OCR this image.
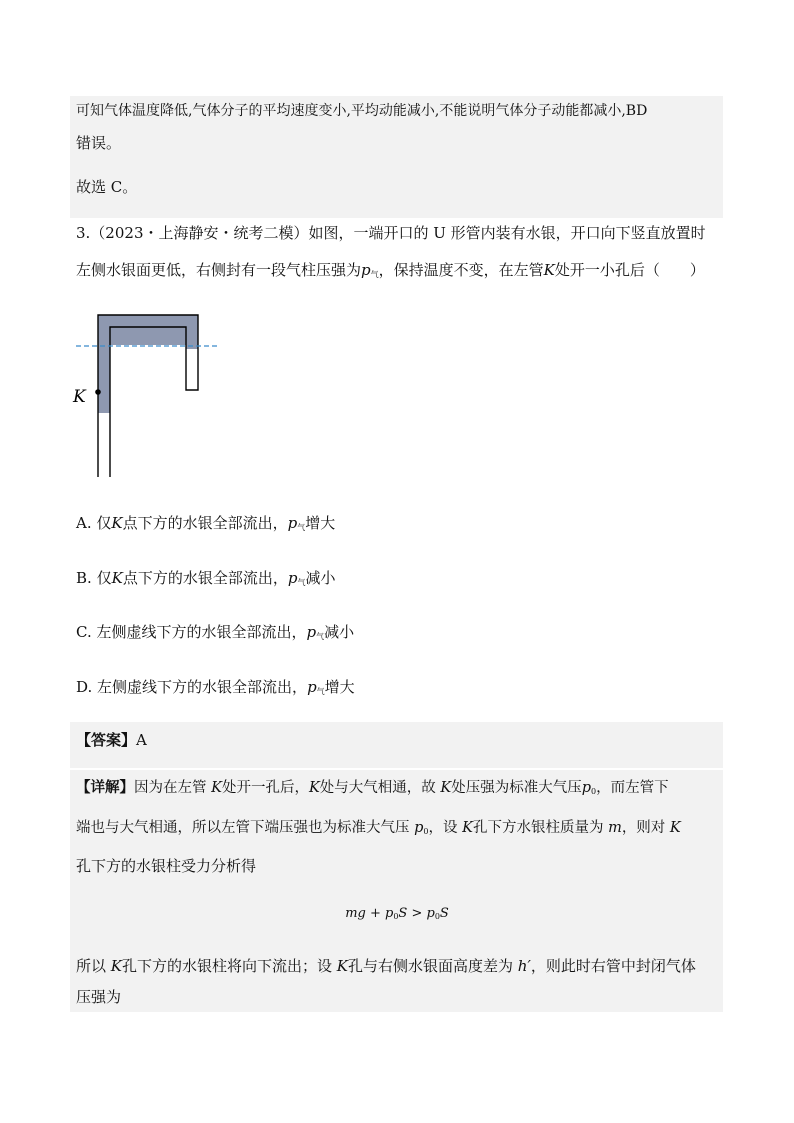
可知气体温度降低,气体分子的平均速度变小,平均动能减小,不能说明气体分子动能都减小,BD
错误。
故选 C。
3.（2023・上海静安・统考二模）如图，一端开口的 U 形管内装有水银，开口向下竖直放置时
左侧水银面更低，右侧封有一段气柱压强为$p_气$，保持温度不变，在左管K处开一小孔后（　　）
K
A. 仅K点下方的水银全部流出，$p_气$增大
B. 仅K点下方的水银全部流出，$p_气$减小
C. 左侧虚线下方的水银全部流出，$p_气$减小
D. 左侧虚线下方的水银全部流出，$p_气$增大
【答案】A
【详解】因为在左管 K处开一孔后，K处与大气相通，故 K处压强为标准大气压$p_0$，而左管下
端也与大气相通，所以左管下端压强也为标准大气压 $p_0$，设 K孔下方水银柱质量为 m，则对 K
孔下方的水银柱受力分析得
mg + $p_0S > p_0S$
所以 K孔下方的水银柱将向下流出；设 K孔与右侧水银面高度差为 h′，则此时右管中封闭气体
压强为
